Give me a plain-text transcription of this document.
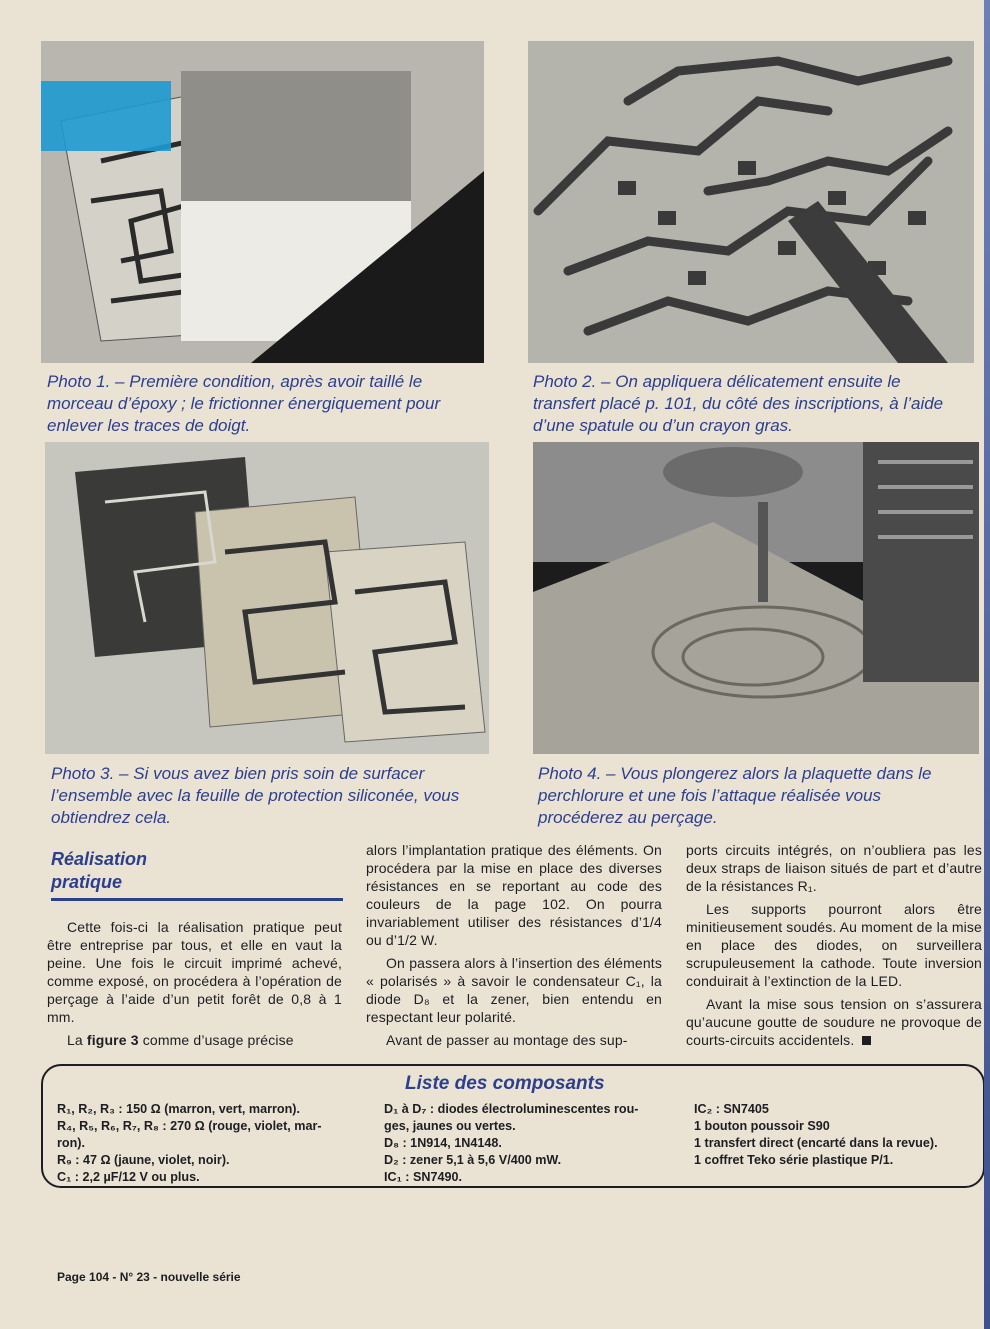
Photo 1. – Première condition, après avoir taillé le morceau d’époxy ; le frictionner énergiquement pour enlever les traces de doigt.
Photo 2. – On appliquera délicatement ensuite le transfert placé p. 101, du côté des inscriptions, à l’aide d’une spatule ou d’un crayon gras.
Photo 3. – Si vous avez bien pris soin de surfacer l’ensemble avec la feuille de protection siliconée, vous obtiendrez cela.
Photo 4. – Vous plongerez alors la plaquette dans le perchlorure et une fois l’attaque réalisée vous procéderez au perçage.
Réalisation
pratique

Cette fois-ci la réalisation pratique peut être entreprise par tous, et elle en vaut la peine. Une fois le circuit imprimé achevé, comme exposé, on procédera à l’opération de perçage à l’aide d’un petit forêt de 0,8 à 1 mm.

La figure 3 comme d’usage précise

alors l’implantation pratique des éléments. On procédera par la mise en place des diverses résistances en se reportant au code des couleurs de la page 102. On pourra invariablement utiliser des résistances d’1/4 ou d’1/2 W.

On passera alors à l’insertion des éléments « polarisés » à savoir le condensateur C₁, la diode D₈ et la zener, bien entendu en respectant leur polarité.

Avant de passer au montage des sup-

ports circuits intégrés, on n’oubliera pas les deux straps de liaison situés de part et d’autre de la résistances R₁.

Les supports pourront alors être minitieusement soudés. Au moment de la mise en place des diodes, on surveillera scrupuleusement la cathode. Toute inversion conduirait à l’extinction de la LED.

Avant la mise sous tension on s’assurera qu’aucune goutte de soudure ne provoque de courts-circuits accidentels.

Liste des composants
R₁, R₂, R₃ : 150 Ω (marron, vert, marron).
R₄, R₅, R₆, R₇, R₈ : 270 Ω (rouge, violet, mar-
ron).
R₉ : 47 Ω (jaune, violet, noir).
C₁ : 2,2 µF/12 V ou plus.
D₁ à D₇ : diodes électroluminescentes rou-
ges, jaunes ou vertes.
D₈ : 1N914, 1N4148.
D₂ : zener 5,1 à 5,6 V/400 mW.
IC₁ : SN7490.
IC₂ : SN7405
1 bouton poussoir S90
1 transfert direct (encarté dans la revue).
1 coffret Teko série plastique P/1.
Page 104 - N° 23 - nouvelle série
